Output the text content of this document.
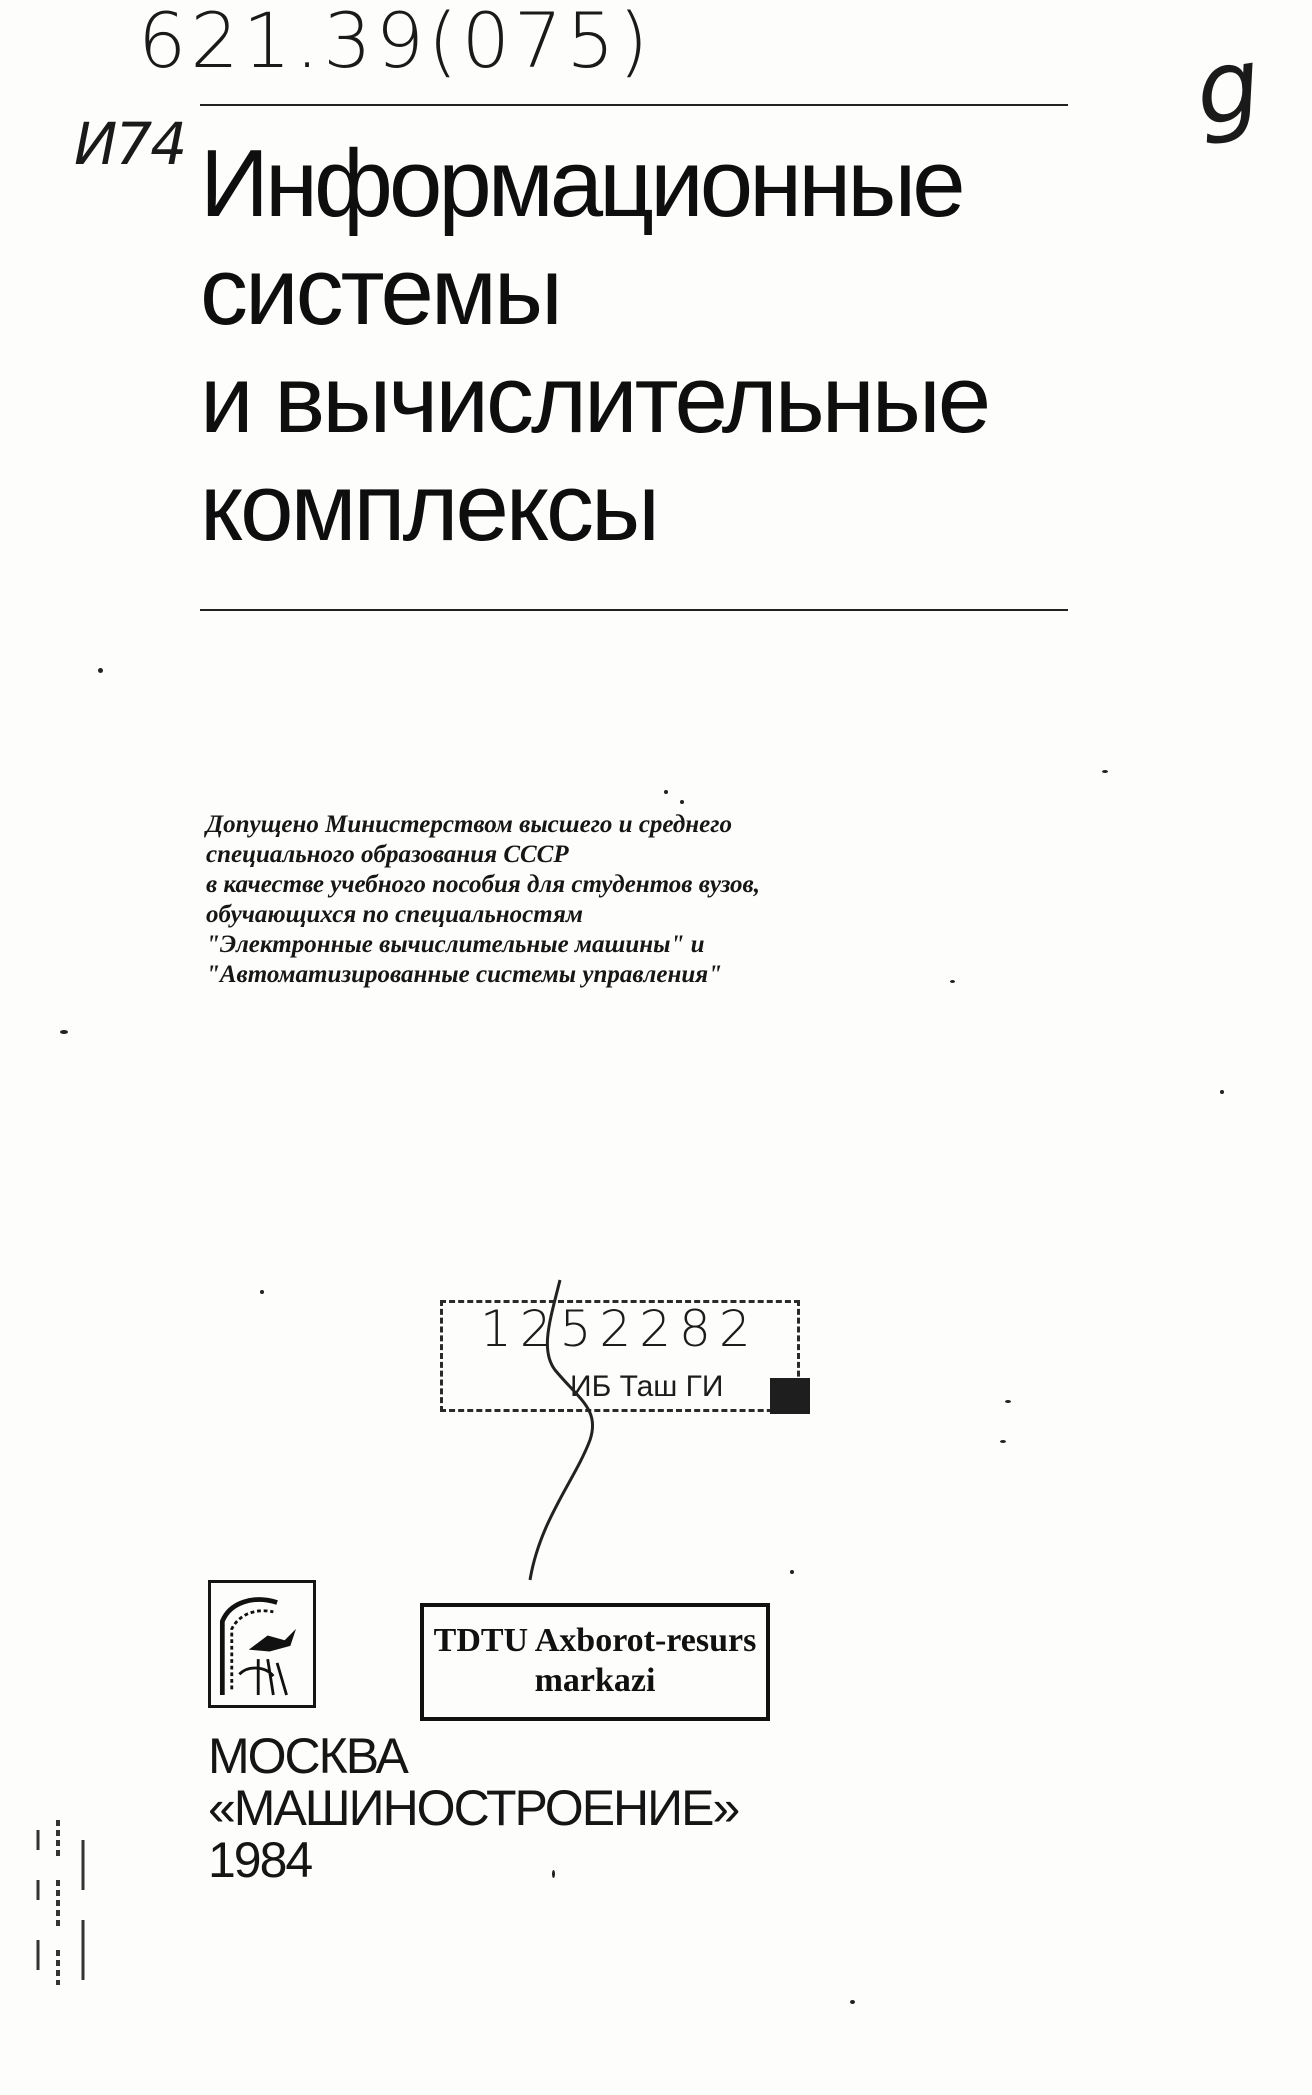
621.39(075)
И74	g
Информационные
системы
и вычислительные
комплексы
Допущено Министерством высшего и среднего
специального образования СССР
в качестве учебного пособия для студентов вузов,
обучающихся по специальностям
"Электронные вычислительные машины" и
"Автоматизированные системы управления"
1252282
ИБ Таш ГИ
TDTU Axborot-resurs
markazi
МОСКВА
«МАШИНОСТРОЕНИЕ»
1984
